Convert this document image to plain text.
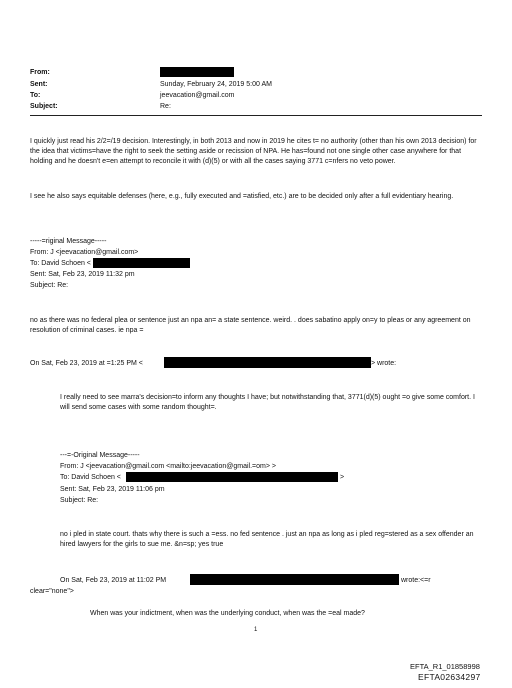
From:
Sent:	Sunday, February 24, 2019 5:00 AM
To:	jeevacation@gmail.com
Subject:	Re:
I quickly just read his 2/2=/19 decision. Interestingly, in both 2013 and now in 2019 he cites t= no authority (other than his own 2013 decision) for the idea that victims=have the right to seek the setting aside or recission of NPA. He has=found not one single other case anywhere for that holding and he doesn't e=en attempt to reconcile it with (d)(5) or with all the cases saying 3771 c=nfers no veto power.
I see he also says equitable defenses (here, e.g., fully executed and =atisfied, etc.) are to be decided only after a full evidentiary hearing.
-----=riginal Message-----
From: J <jeevacation@gmail.com>
To: David Schoen <
Sent: Sat, Feb 23, 2019 11:32 pm
Subject: Re:
no as there was no federal plea or sentence just an npa an= a state sentence. weird. . does sabatino apply on=y to pleas or any agreement on resolution of criminal cases. ie npa =
On Sat, Feb 23, 2019 at =1:25 PM <	> wrote:
I really need to see marra's decision=to inform any thoughts I have; but notwithstanding that, 3771(d)(5) ought =o give some comfort. I will send some cases with some random thought=.
---=-Original Message-----
From: J <jeevacation@gmail.com <mailto:jeevacation@gmail.=om> >
To: David Schoen <	>
Sent: Sat, Feb 23, 2019 11:06 pm
Subject: Re:
no i pled in state court. thats why there is such a =ess. no fed sentence . just an npa as long as i pled reg=stered as a sex offender an hired lawyers for the girls to sue me. &n=sp; yes true
On Sat, Feb 23, 2019 at 11:02 PM	wrote:<=r
clear="none">
When was your indictment, when was the underlying conduct, when was the =eal made?
1
EFTA_R1_01858998
EFTA02634297
